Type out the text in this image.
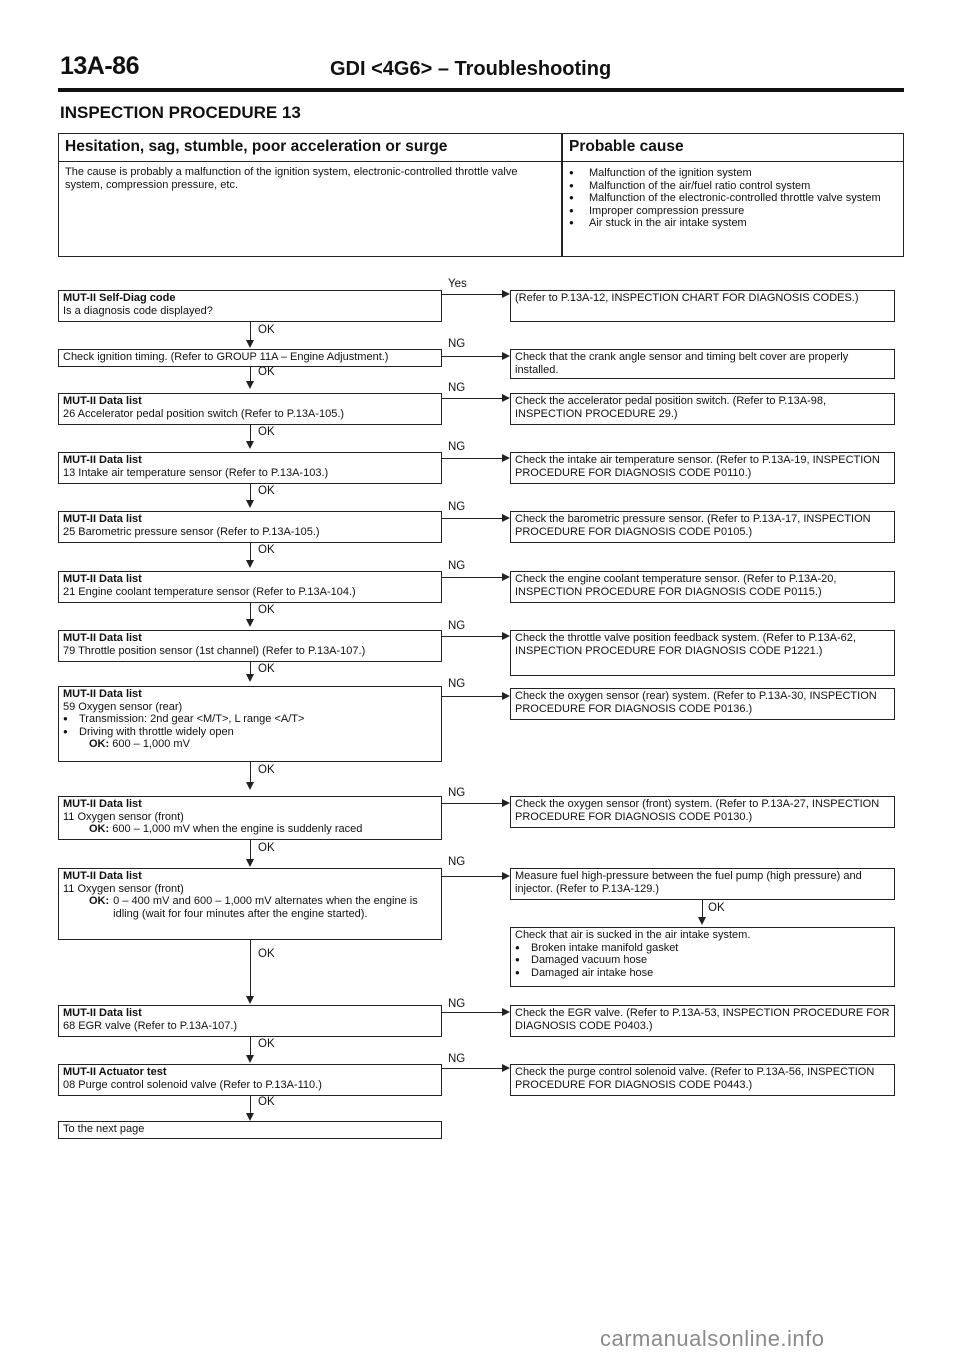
13A-86	GDI <4G6> – Troubleshooting
INSPECTION PROCEDURE 13
Hesitation, sag, stumble, poor acceleration or surge	Probable cause
The cause is probably a malfunction of the ignition system, electronic-controlled throttle valve system, compression pressure, etc.
● Malfunction of the ignition system
● Malfunction of the air/fuel ratio control system
● Malfunction of the electronic-controlled throttle valve system
● Improper compression pressure
● Air stuck in the air intake system
Yes
MUT-II Self-Diag code
Is a diagnosis code displayed?
(Refer to P.13A-12, INSPECTION CHART FOR DIAGNOSIS CODES.)
OK
NG
Check ignition timing. (Refer to GROUP 11A – Engine Adjustment.)	Check that the crank angle sensor and timing belt cover are properly installed.
OK
NG
MUT-II Data list
26 Accelerator pedal position switch (Refer to P.13A-105.)
Check the accelerator pedal position switch. (Refer to P.13A-98, INSPECTION PROCEDURE 29.)
OK
NG
MUT-II Data list
13 Intake air temperature sensor (Refer to P.13A-103.)
Check the intake air temperature sensor. (Refer to P.13A-19, INSPECTION PROCEDURE FOR DIAGNOSIS CODE P0110.)
OK
NG
MUT-II Data list
25 Barometric pressure sensor (Refer to P.13A-105.)
Check the barometric pressure sensor. (Refer to P.13A-17, INSPECTION PROCEDURE FOR DIAGNOSIS CODE P0105.)
OK
NG
MUT-II Data list
21 Engine coolant temperature sensor (Refer to P.13A-104.)
Check the engine coolant temperature sensor. (Refer to P.13A-20, INSPECTION PROCEDURE FOR DIAGNOSIS CODE P0115.)
OK
NG
MUT-II Data list
79 Throttle position sensor (1st channel) (Refer to P.13A-107.)
Check the throttle valve position feedback system. (Refer to P.13A-62, INSPECTION PROCEDURE FOR DIAGNOSIS CODE P1221.)
OK
NG
MUT-II Data list
59 Oxygen sensor (rear)
● Transmission: 2nd gear <M/T>, L range <A/T>
● Driving with throttle widely open
OK: 600 – 1,000 mV
Check the oxygen sensor (rear) system. (Refer to P.13A-30, INSPECTION PROCEDURE FOR DIAGNOSIS CODE P0136.)
OK
NG
MUT-II Data list
11 Oxygen sensor (front)
OK: 600 – 1,000 mV when the engine is suddenly raced
Check the oxygen sensor (front) system. (Refer to P.13A-27, INSPECTION PROCEDURE FOR DIAGNOSIS CODE P0130.)
OK
NG
MUT-II Data list
11 Oxygen sensor (front)
OK: 0 – 400 mV and 600 – 1,000 mV alternates when the engine is idling (wait for four minutes after the engine started).
Measure fuel high-pressure between the fuel pump (high pressure) and injector. (Refer to P.13A-129.)
OK
Check that air is sucked in the air intake system.
● Broken intake manifold gasket
● Damaged vacuum hose
● Damaged air intake hose
OK
NG
MUT-II Data list
68 EGR valve (Refer to P.13A-107.)
Check the EGR valve. (Refer to P.13A-53, INSPECTION PROCEDURE FOR DIAGNOSIS CODE P0403.)
OK
NG
MUT-II Actuator test
08 Purge control solenoid valve (Refer to P.13A-110.)
Check the purge control solenoid valve. (Refer to P.13A-56, INSPECTION PROCEDURE FOR DIAGNOSIS CODE P0443.)
OK
To the next page
carmanualsonline.info
